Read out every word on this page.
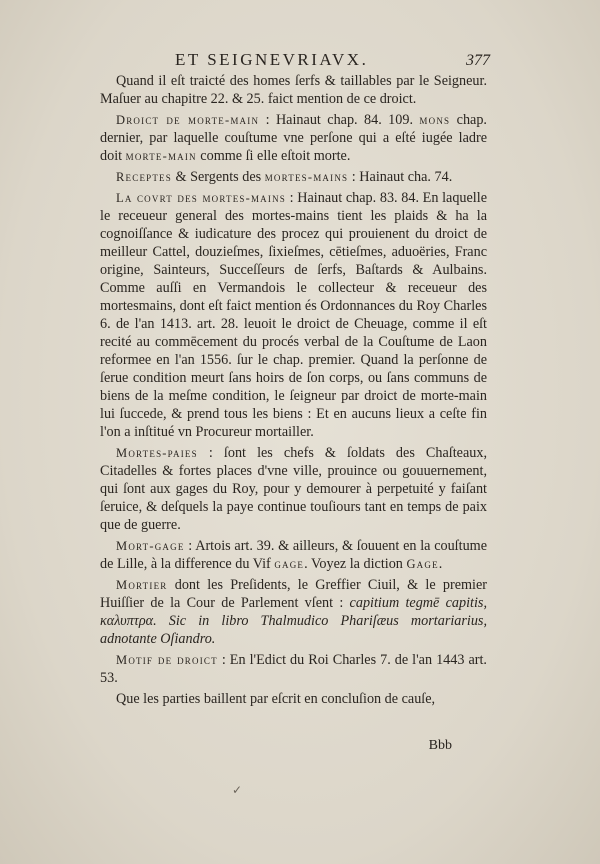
ET SEIGNEVRIAVX.	377

Quand il eſt traicté des homes ſerfs & taillables par le Seigneur. Maſuer au chapitre 22. & 25. faict mention de ce droict.

Droict de morte-main : Hainaut chap. 84. 109. mons chap. dernier, par laquelle couſtume vne perſone qui a eſté iugée ladre doit morte-main comme ſi elle eſtoit morte.

Receptes & Sergents des mortes-mains : Hainaut cha. 74.

La covrt des mortes-mains : Hainaut chap. 83. 84. En laquelle le receueur general des mortes-mains tient les plaids & ha la cognoiſſance & iudicature des procez qui prouienent du droict de meilleur Cattel, douzieſmes, ſixieſmes, cētieſmes, aduoëries, Franc origine, Sainteurs, Succeſſeurs de ſerfs, Baſtards & Aulbains. Comme auſſi en Vermandois le collecteur & receueur des mortesmains, dont eſt faict mention és Ordonnances du Roy Charles 6. de l'an 1413. art. 28. leuoit le droict de Cheuage, comme il eſt recité au commēcement du procés verbal de la Couſtume de Laon reformee en l'an 1556. ſur le chap. premier. Quand la perſonne de ſerue condition meurt ſans hoirs de ſon corps, ou ſans communs de biens de la meſme condition, le ſeigneur par droict de morte-main lui ſuccede, & prend tous les biens : Et en aucuns lieux a ceſte fin l'on a inſtitué vn Procureur mortailler.

Mortes-paies : ſont les chefs & ſoldats des Chaſteaux, Citadelles & fortes places d'vne ville, prouince ou gouuernement, qui ſont aux gages du Roy, pour y demourer à perpetuité y faiſant ſeruice, & deſquels la paye continue touſiours tant en temps de paix que de guerre.

Mort-gage : Artois art. 39. & ailleurs, & ſouuent en la couſtume de Lille, à la difference du Vif gage. Voyez la diction Gage.

Mortier dont les Preſidents, le Greffier Ciuil, & le premier Huiſſier de la Cour de Parlement vſent : capitium tegmē capitis, καλυπτρα. Sic in libro Thalmudico Phariſæus mortariarius, adnotante Oſiandro.

Motif de droict : En l'Edict du Roi Charles 7. de l'an 1443 art. 53.

Que les parties baillent par eſcrit en concluſion de cauſe,

Bbb
✓
